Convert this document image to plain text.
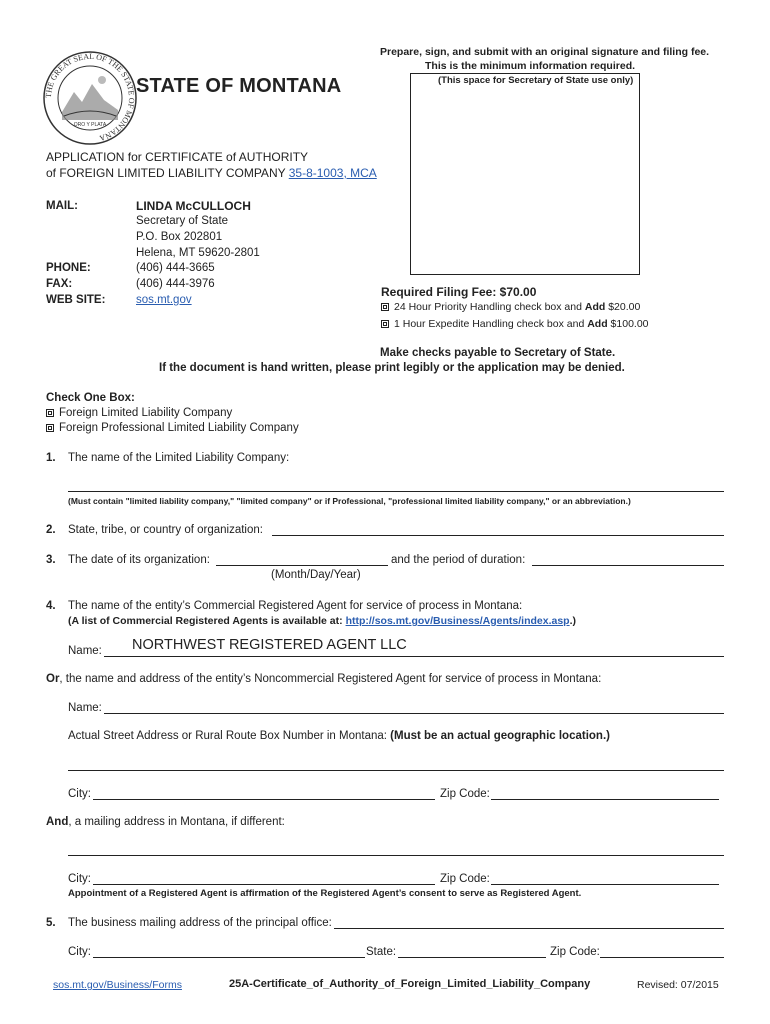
THE GREAT SEAL OF THE STATE OF MONTANA
ORO Y PLATA
STATE OF MONTANA
Prepare, sign, and submit with an original signature and filing fee.
This is the minimum information required.
(This space for Secretary of State use only)
APPLICATION for CERTIFICATE of AUTHORITY
of FOREIGN LIMITED LIABILITY COMPANY 35-8-1003, MCA
MAIL:	LINDA McCULLOCH
Secretary of State
P.O. Box 202801
Helena, MT 59620-2801
PHONE:	(406) 444-3665
FAX:	(406) 444-3976
WEB SITE:	sos.mt.gov
Required Filing Fee: $70.00
24 Hour Priority Handling check box and Add $20.00
1 Hour Expedite Handling check box and Add $100.00
Make checks payable to Secretary of State.
If the document is hand written, please print legibly or the application may be denied.
Check One Box:
Foreign Limited Liability Company
Foreign Professional Limited Liability Company
1. The name of the Limited Liability Company:
(Must contain "limited liability company," "limited company" or if Professional, "professional limited liability company," or an abbreviation.)
2. State, tribe, or country of organization:
3. The date of its organization:	and the period of duration:
(Month/Day/Year)
4. The name of the entity’s Commercial Registered Agent for service of process in Montana:
(A list of Commercial Registered Agents is available at: http://sos.mt.gov/Business/Agents/index.asp.)
Name: NORTHWEST REGISTERED AGENT LLC
Or, the name and address of the entity’s Noncommercial Registered Agent for service of process in Montana:
Name:
Actual Street Address or Rural Route Box Number in Montana: (Must be an actual geographic location.)
City:	Zip Code:
And, a mailing address in Montana, if different:
City:	Zip Code:
Appointment of a Registered Agent is affirmation of the Registered Agent’s consent to serve as Registered Agent.
5. The business mailing address of the principal office:
City:	State:	Zip Code:
sos.mt.gov/Business/Forms	25A-Certificate_of_Authority_of_Foreign_Limited_Liability_Company	Revised: 07/2015
